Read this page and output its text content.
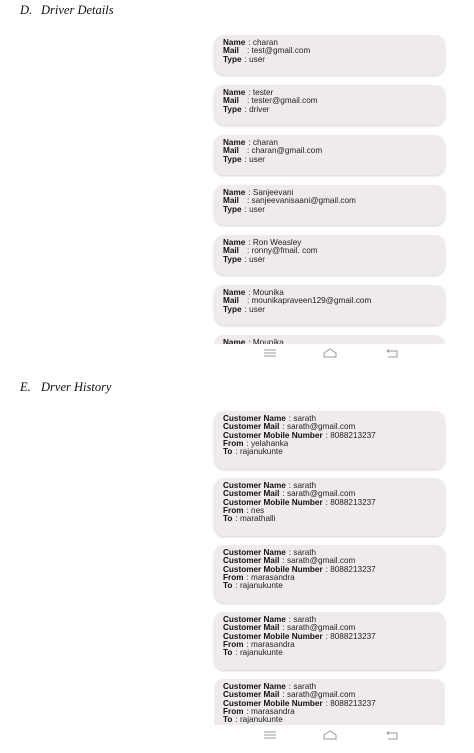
D. Driver Details
Name : charan
Mail : test@gmail.com
Type : user
Name : tester
Mail : tester@gmail.com
Type : driver
Name : charan
Mail : charan@gmail.com
Type : user
Name : Sanjeevani
Mail : sanjeevanisaani@gmail.com
Type : user
Name : Ron Weasley
Mail : ronny@fmail. com
Type : user
Name : Mounika
Mail : mounikapraveen129@gmail.com
Type : user
Name : Mounika
E. Drver History
Customer Name : sarath
Customer Mail : sarath@gmail.com
Customer Mobile Number : 8088213237
From : yelahanka
To : rajanukunte
Customer Name : sarath
Customer Mail : sarath@gmail.com
Customer Mobile Number : 8088213237
From : nes
To : marathalli
Customer Name : sarath
Customer Mail : sarath@gmail.com
Customer Mobile Number : 8088213237
From : marasandra
To : rajanukunte
Customer Name : sarath
Customer Mail : sarath@gmail.com
Customer Mobile Number : 8088213237
From : marasandra
To : rajanukunte
Customer Name : sarath
Customer Mail : sarath@gmail.com
Customer Mobile Number : 8088213237
From : marasandra
To : rajanukunte
